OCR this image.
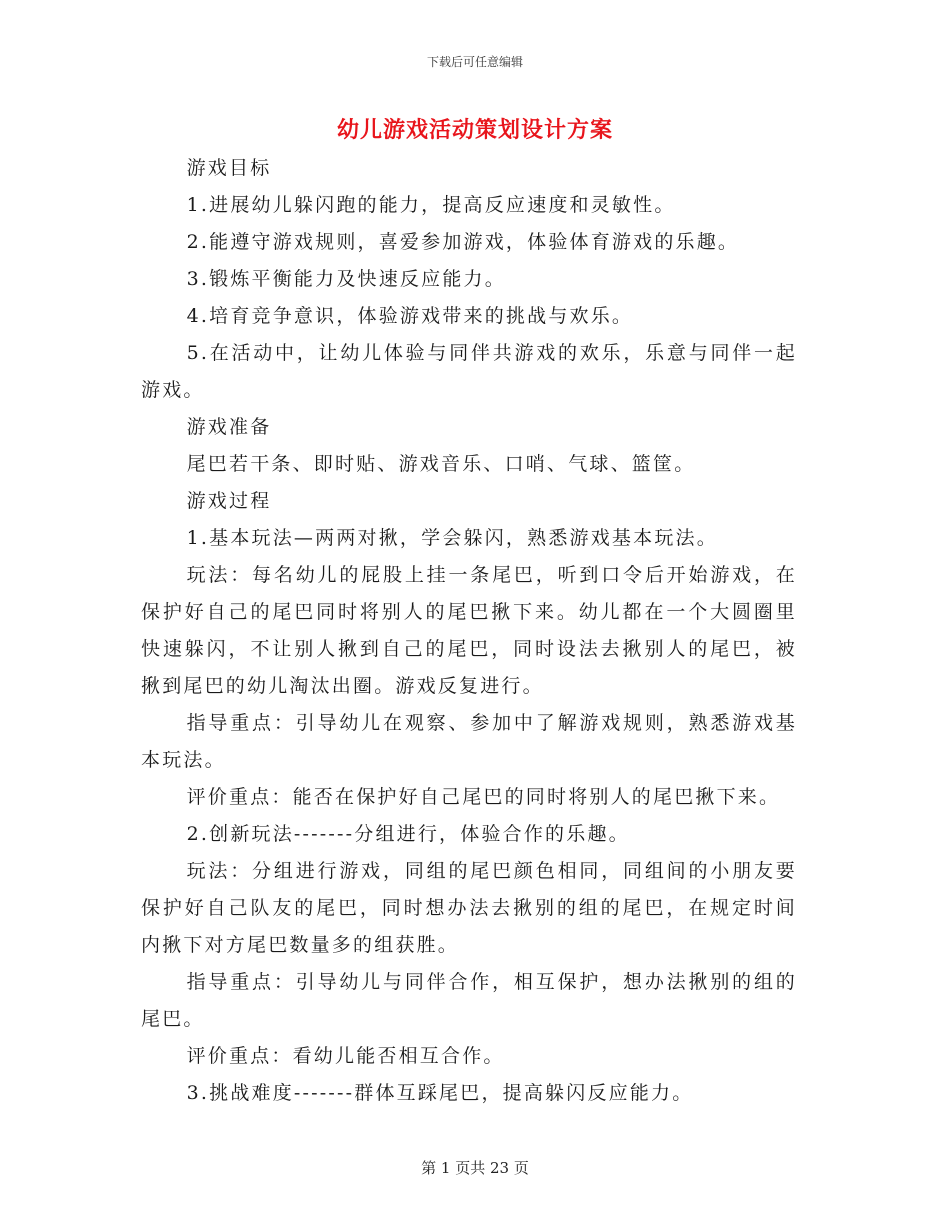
下载后可任意编辑
幼儿游戏活动策划设计方案

游戏目标

1.进展幼儿躲闪跑的能力，提高反应速度和灵敏性。

2.能遵守游戏规则，喜爱参加游戏，体验体育游戏的乐趣。

3.锻炼平衡能力及快速反应能力。

4.培育竞争意识，体验游戏带来的挑战与欢乐。

5.在活动中，让幼儿体验与同伴共游戏的欢乐，乐意与同伴一起游戏。

游戏准备

尾巴若干条、即时贴、游戏音乐、口哨、气球、篮筐。

游戏过程

1.基本玩法—两两对揪，学会躲闪，熟悉游戏基本玩法。

玩法：每名幼儿的屁股上挂一条尾巴，听到口令后开始游戏，在保护好自己的尾巴同时将别人的尾巴揪下来。幼儿都在一个大圆圈里快速躲闪，不让别人揪到自己的尾巴，同时设法去揪别人的尾巴，被揪到尾巴的幼儿淘汰出圈。游戏反复进行。

指导重点：引导幼儿在观察、参加中了解游戏规则，熟悉游戏基本玩法。

评价重点：能否在保护好自己尾巴的同时将别人的尾巴揪下来。

2.创新玩法-------分组进行，体验合作的乐趣。

玩法：分组进行游戏，同组的尾巴颜色相同，同组间的小朋友要保护好自己队友的尾巴，同时想办法去揪别的组的尾巴，在规定时间内揪下对方尾巴数量多的组获胜。

指导重点：引导幼儿与同伴合作，相互保护，想办法揪别的组的尾巴。

评价重点：看幼儿能否相互合作。

3.挑战难度-------群体互踩尾巴，提高躲闪反应能力。

第 1 页共 23 页
